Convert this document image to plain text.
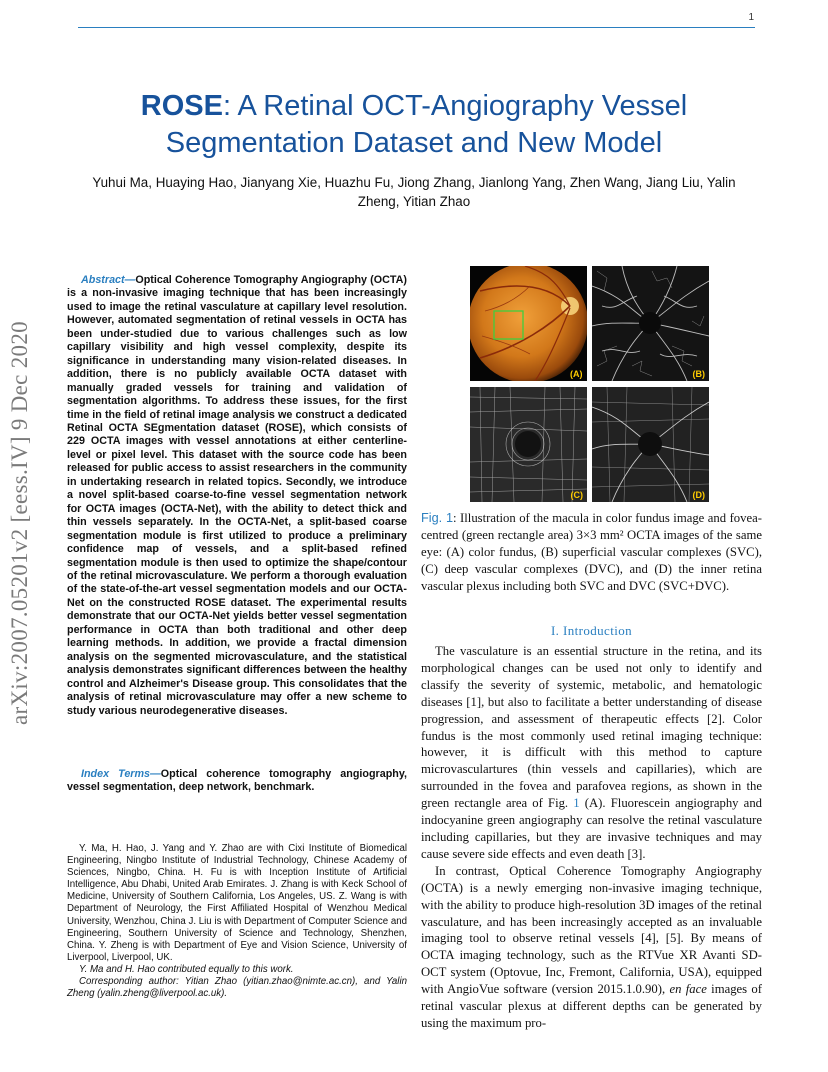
1
ROSE: A Retinal OCT-Angiography Vessel Segmentation Dataset and New Model
Yuhui Ma, Huaying Hao, Jianyang Xie, Huazhu Fu, Jiong Zhang, Jianlong Yang, Zhen Wang, Jiang Liu, Yalin Zheng, Yitian Zhao
arXiv:2007.05201v2 [eess.IV] 9 Dec 2020
Abstract—Optical Coherence Tomography Angiography (OCTA) is a non-invasive imaging technique that has been increasingly used to image the retinal vasculature at capillary level resolution. However, automated segmentation of retinal vessels in OCTA has been under-studied due to various challenges such as low capillary visibility and high vessel complexity, despite its significance in understanding many vision-related diseases. In addition, there is no publicly available OCTA dataset with manually graded vessels for training and validation of segmentation algorithms. To address these issues, for the first time in the field of retinal image analysis we construct a dedicated Retinal OCTA SEgmentation dataset (ROSE), which consists of 229 OCTA images with vessel annotations at either centerline-level or pixel level. This dataset with the source code has been released for public access to assist researchers in the community in undertaking research in related topics. Secondly, we introduce a novel split-based coarse-to-fine vessel segmentation network for OCTA images (OCTA-Net), with the ability to detect thick and thin vessels separately. In the OCTA-Net, a split-based coarse segmentation module is first utilized to produce a preliminary confidence map of vessels, and a split-based refined segmentation module is then used to optimize the shape/contour of the retinal microvasculature. We perform a thorough evaluation of the state-of-the-art vessel segmentation models and our OCTA-Net on the constructed ROSE dataset. The experimental results demonstrate that our OCTA-Net yields better vessel segmentation performance in OCTA than both traditional and other deep learning methods. In addition, we provide a fractal dimension analysis on the segmented microvasculature, and the statistical analysis demonstrates significant differences between the healthy control and Alzheimer's Disease group. This consolidates that the analysis of retinal microvasculature may offer a new scheme to study various neurodegenerative diseases.
Index Terms—Optical coherence tomography angiography, vessel segmentation, deep network, benchmark.

Y. Ma, H. Hao, J. Yang and Y. Zhao are with Cixi Institute of Biomedical Engineering, Ningbo Institute of Industrial Technology, Chinese Academy of Sciences, Ningbo, China. H. Fu is with Inception Institute of Artificial Intelligence, Abu Dhabi, United Arab Emirates. J. Zhang is with Keck School of Medicine, University of Southern California, Los Angeles, US. Z. Wang is with Department of Neurology, the First Affiliated Hospital of Wenzhou Medical University, Wenzhou, China J. Liu is with Department of Computer Science and Engineering, Southern University of Science and Technology, Shenzhen, China. Y. Zheng is with Department of Eye and Vision Science, University of Liverpool, Liverpool, UK.

Y. Ma and H. Hao contributed equally to this work.

Corresponding author: Yitian Zhao (yitian.zhao@nimte.ac.cn), and Yalin Zheng (yalin.zheng@liverpool.ac.uk).

(A)	(B)
(C)	(D)
Fig. 1: Illustration of the macula in color fundus image and fovea-centred (green rectangle area) 3×3 mm² OCTA images of the same eye: (A) color fundus, (B) superficial vascular complexes (SVC), (C) deep vascular complexes (DVC), and (D) the inner retina vascular plexus including both SVC and DVC (SVC+DVC).
I. Introduction

The vasculature is an essential structure in the retina, and its morphological changes can be used not only to identify and classify the severity of systemic, metabolic, and hematologic diseases [1], but also to facilitate a better understanding of disease progression, and assessment of therapeutic effects [2]. Color fundus is the most commonly used retinal imaging technique: however, it is difficult with this method to capture microvasculartures (thin vessels and capillaries), which are surrounded in the fovea and parafovea regions, as shown in the green rectangle area of Fig. 1 (A). Fluorescein angiography and indocyanine green angiography can resolve the retinal vasculature including capillaries, but they are invasive techniques and may cause severe side effects and even death [3].

In contrast, Optical Coherence Tomography Angiography (OCTA) is a newly emerging non-invasive imaging technique, with the ability to produce high-resolution 3D images of the retinal vasculature, and has been increasingly accepted as an invaluable imaging tool to observe retinal vessels [4], [5]. By means of OCTA imaging technology, such as the RTVue XR Avanti SD-OCT system (Optovue, Inc, Fremont, California, USA), equipped with AngioVue software (version 2015.1.0.90), en face images of retinal vascular plexus at different depths can be generated by using the maximum pro-
